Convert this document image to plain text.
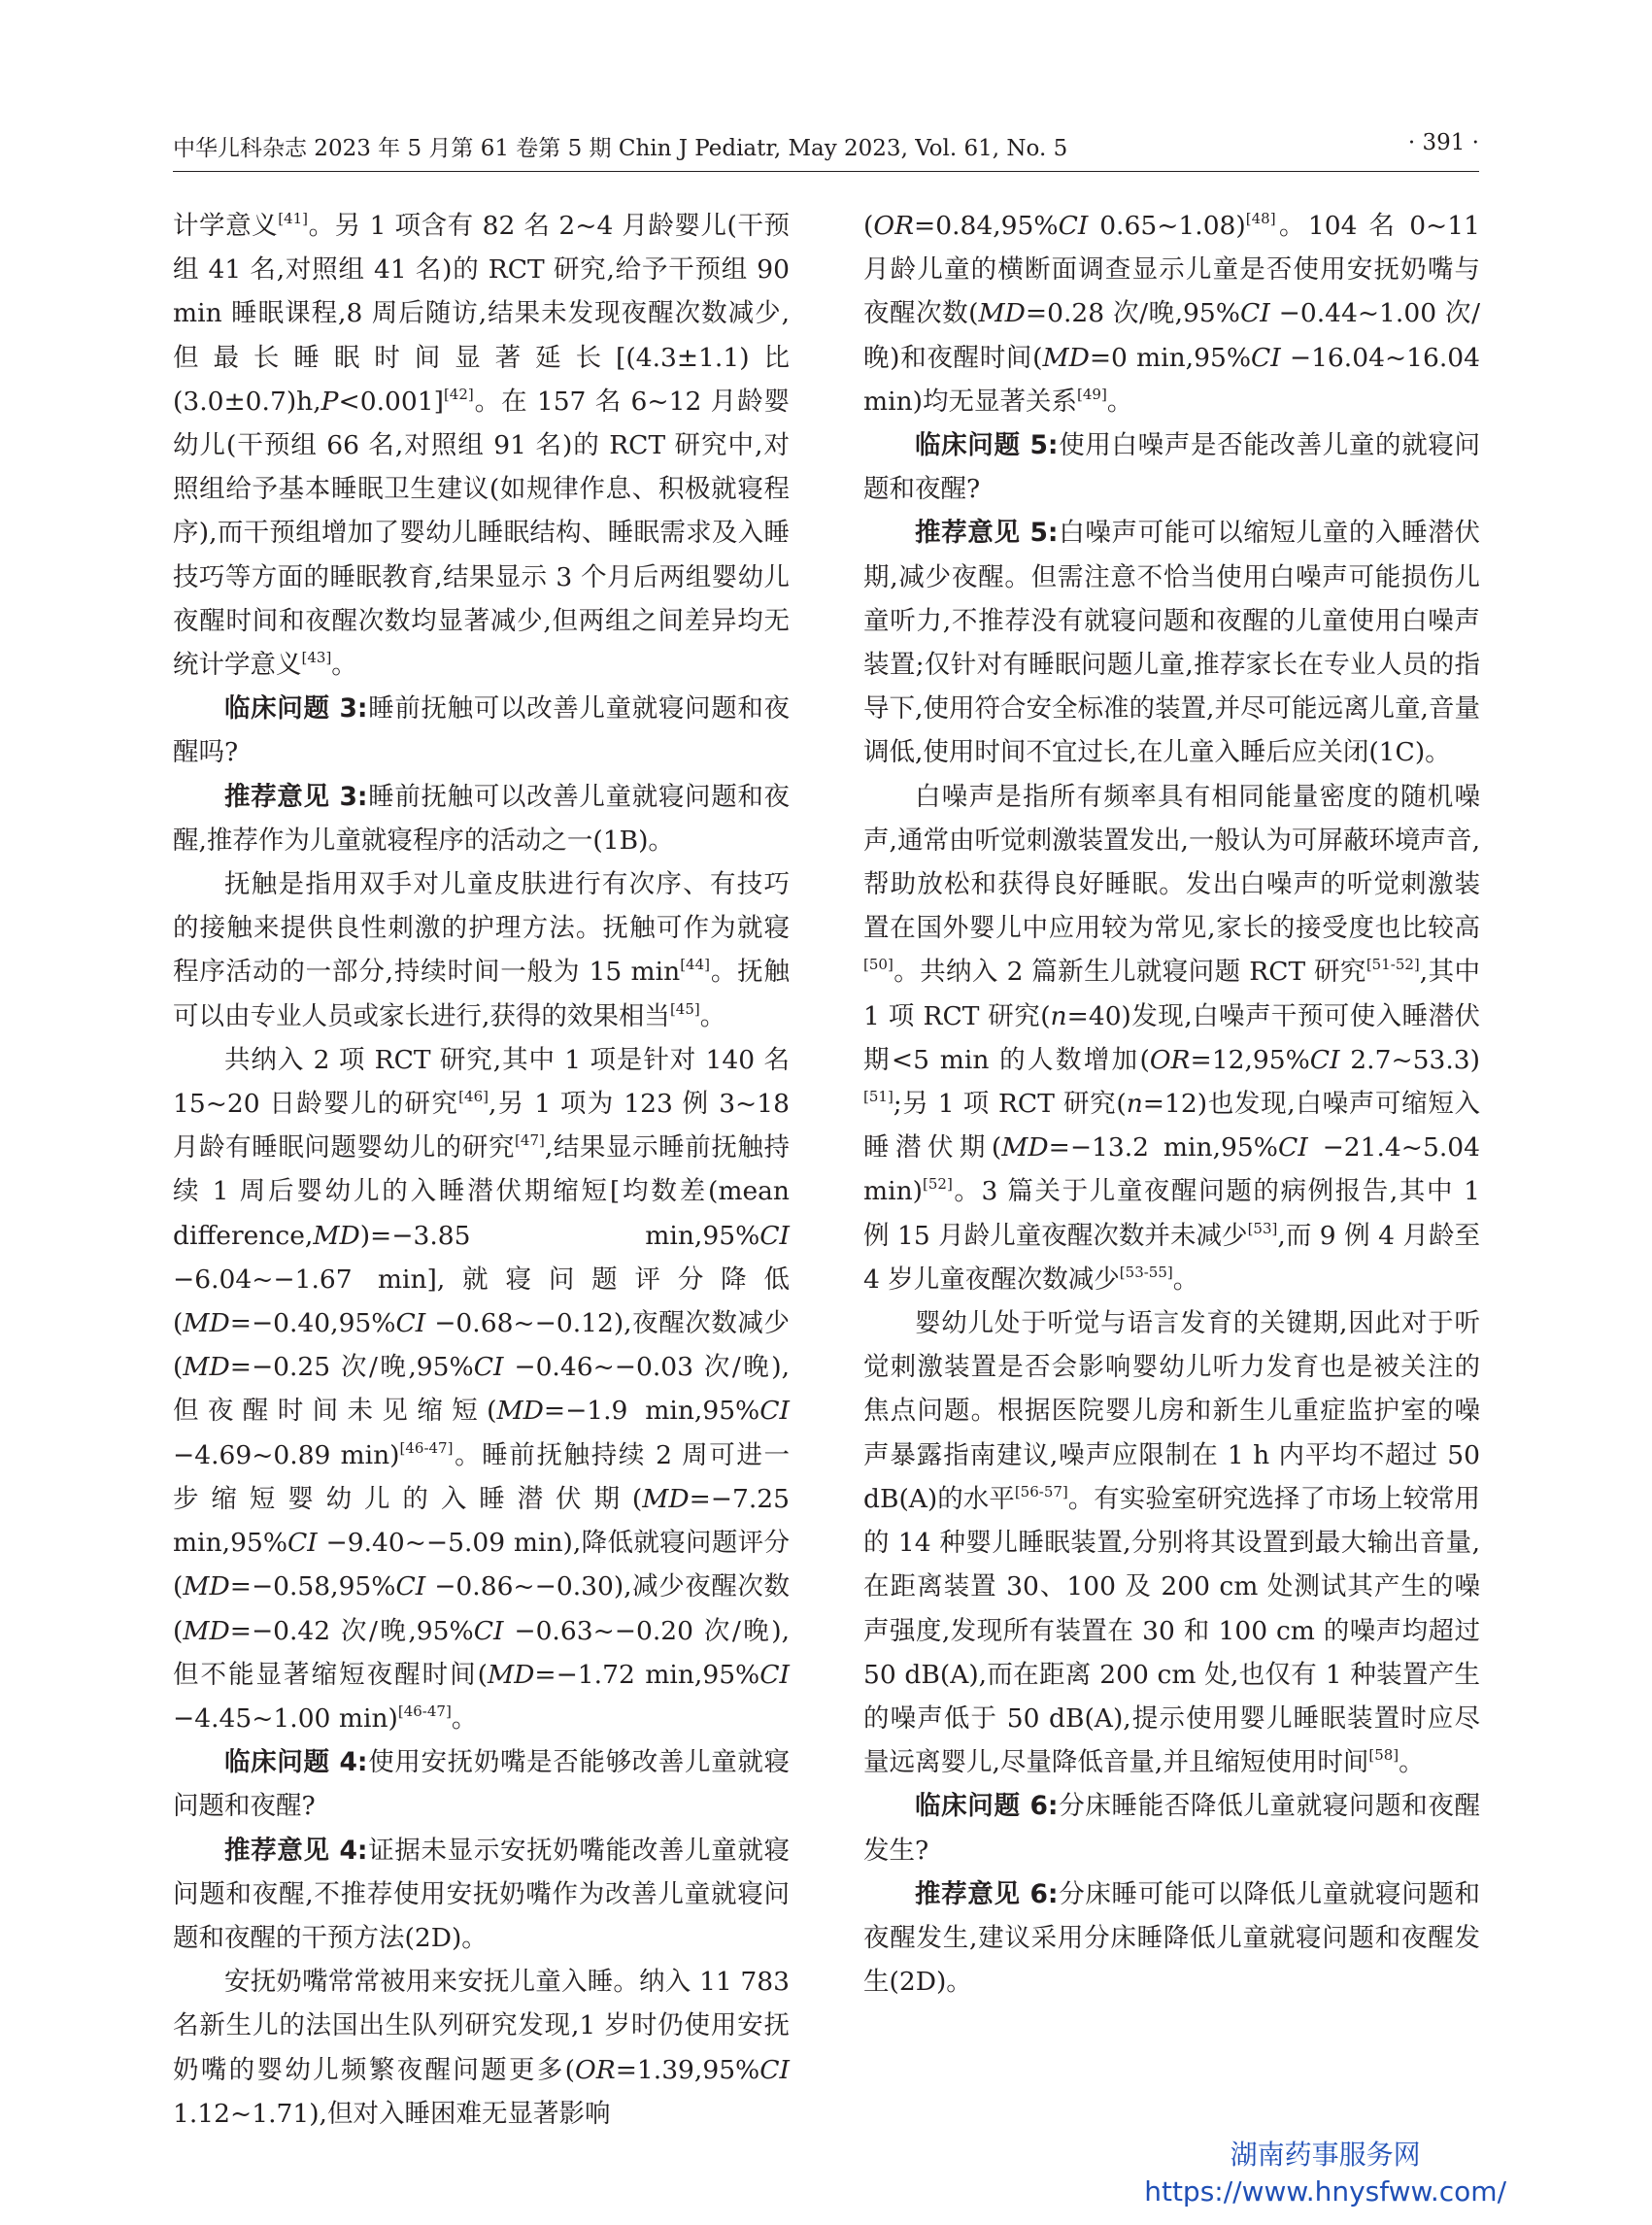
中华儿科杂志 2023 年 5 月第 61 卷第 5 期 Chin J Pediatr, May 2023, Vol. 61, No. 5	· 391 ·

计学意义[41]。另 1 项含有 82 名 2~4 月龄婴儿(干预组 41 名,对照组 41 名)的 RCT 研究,给予干预组 90 min 睡眠课程,8 周后随访,结果未发现夜醒次数减少,但最长睡眠时间显著延长[(4.3±1.1)比(3.0±0.7)h,P<0.001][42]。在 157 名 6~12 月龄婴幼儿(干预组 66 名,对照组 91 名)的 RCT 研究中,对照组给予基本睡眠卫生建议(如规律作息、积极就寝程序),而干预组增加了婴幼儿睡眠结构、睡眠需求及入睡技巧等方面的睡眠教育,结果显示 3 个月后两组婴幼儿夜醒时间和夜醒次数均显著减少,但两组之间差异均无统计学意义[43]。

临床问题 3:睡前抚触可以改善儿童就寝问题和夜醒吗?

推荐意见 3:睡前抚触可以改善儿童就寝问题和夜醒,推荐作为儿童就寝程序的活动之一(1B)。

抚触是指用双手对儿童皮肤进行有次序、有技巧的接触来提供良性刺激的护理方法。抚触可作为就寝程序活动的一部分,持续时间一般为 15 min[44]。抚触可以由专业人员或家长进行,获得的效果相当[45]。

共纳入 2 项 RCT 研究,其中 1 项是针对 140 名 15~20 日龄婴儿的研究[46],另 1 项为 123 例 3~18 月龄有睡眠问题婴幼儿的研究[47],结果显示睡前抚触持续 1 周后婴幼儿的入睡潜伏期缩短[均数差(mean difference,MD)=−3.85 min,95%CI −6.04~−1.67 min],就寝问题评分降低(MD=−0.40,95%CI −0.68~−0.12),夜醒次数减少(MD=−0.25 次/晚,95%CI −0.46~−0.03 次/晚),但夜醒时间未见缩短(MD=−1.9 min,95%CI −4.69~0.89 min)[46-47]。睡前抚触持续 2 周可进一步缩短婴幼儿的入睡潜伏期(MD=−7.25 min,95%CI −9.40~−5.09 min),降低就寝问题评分(MD=−0.58,95%CI −0.86~−0.30),减少夜醒次数(MD=−0.42 次/晚,95%CI −0.63~−0.20 次/晚),但不能显著缩短夜醒时间(MD=−1.72 min,95%CI −4.45~1.00 min)[46-47]。

临床问题 4:使用安抚奶嘴是否能够改善儿童就寝问题和夜醒?

推荐意见 4:证据未显示安抚奶嘴能改善儿童就寝问题和夜醒,不推荐使用安抚奶嘴作为改善儿童就寝问题和夜醒的干预方法(2D)。

安抚奶嘴常常被用来安抚儿童入睡。纳入 11 783 名新生儿的法国出生队列研究发现,1 岁时仍使用安抚奶嘴的婴幼儿频繁夜醒问题更多(OR=1.39,95%CI 1.12~1.71),但对入睡困难无显著影响

(OR=0.84,95%CI 0.65~1.08)[48]。104 名 0~11 月龄儿童的横断面调查显示儿童是否使用安抚奶嘴与夜醒次数(MD=0.28 次/晚,95%CI −0.44~1.00 次/晚)和夜醒时间(MD=0 min,95%CI −16.04~16.04 min)均无显著关系[49]。

临床问题 5:使用白噪声是否能改善儿童的就寝问题和夜醒?

推荐意见 5:白噪声可能可以缩短儿童的入睡潜伏期,减少夜醒。但需注意不恰当使用白噪声可能损伤儿童听力,不推荐没有就寝问题和夜醒的儿童使用白噪声装置;仅针对有睡眠问题儿童,推荐家长在专业人员的指导下,使用符合安全标准的装置,并尽可能远离儿童,音量调低,使用时间不宜过长,在儿童入睡后应关闭(1C)。

白噪声是指所有频率具有相同能量密度的随机噪声,通常由听觉刺激装置发出,一般认为可屏蔽环境声音,帮助放松和获得良好睡眠。发出白噪声的听觉刺激装置在国外婴儿中应用较为常见,家长的接受度也比较高[50]。共纳入 2 篇新生儿就寝问题 RCT 研究[51-52],其中 1 项 RCT 研究(n=40)发现,白噪声干预可使入睡潜伏期<5 min 的人数增加(OR=12,95%CI 2.7~53.3)[51];另 1 项 RCT 研究(n=12)也发现,白噪声可缩短入睡潜伏期(MD=−13.2 min,95%CI −21.4~5.04 min)[52]。3 篇关于儿童夜醒问题的病例报告,其中 1 例 15 月龄儿童夜醒次数并未减少[53],而 9 例 4 月龄至 4 岁儿童夜醒次数减少[53-55]。

婴幼儿处于听觉与语言发育的关键期,因此对于听觉刺激装置是否会影响婴幼儿听力发育也是被关注的焦点问题。根据医院婴儿房和新生儿重症监护室的噪声暴露指南建议,噪声应限制在 1 h 内平均不超过 50 dB(A)的水平[56-57]。有实验室研究选择了市场上较常用的 14 种婴儿睡眠装置,分别将其设置到最大输出音量,在距离装置 30、100 及 200 cm 处测试其产生的噪声强度,发现所有装置在 30 和 100 cm 的噪声均超过 50 dB(A),而在距离 200 cm 处,也仅有 1 种装置产生的噪声低于 50 dB(A),提示使用婴儿睡眠装置时应尽量远离婴儿,尽量降低音量,并且缩短使用时间[58]。

临床问题 6:分床睡能否降低儿童就寝问题和夜醒发生?

推荐意见 6:分床睡可能可以降低儿童就寝问题和夜醒发生,建议采用分床睡降低儿童就寝问题和夜醒发生(2D)。

湖南药事服务网
https://www.hnysfww.com/
